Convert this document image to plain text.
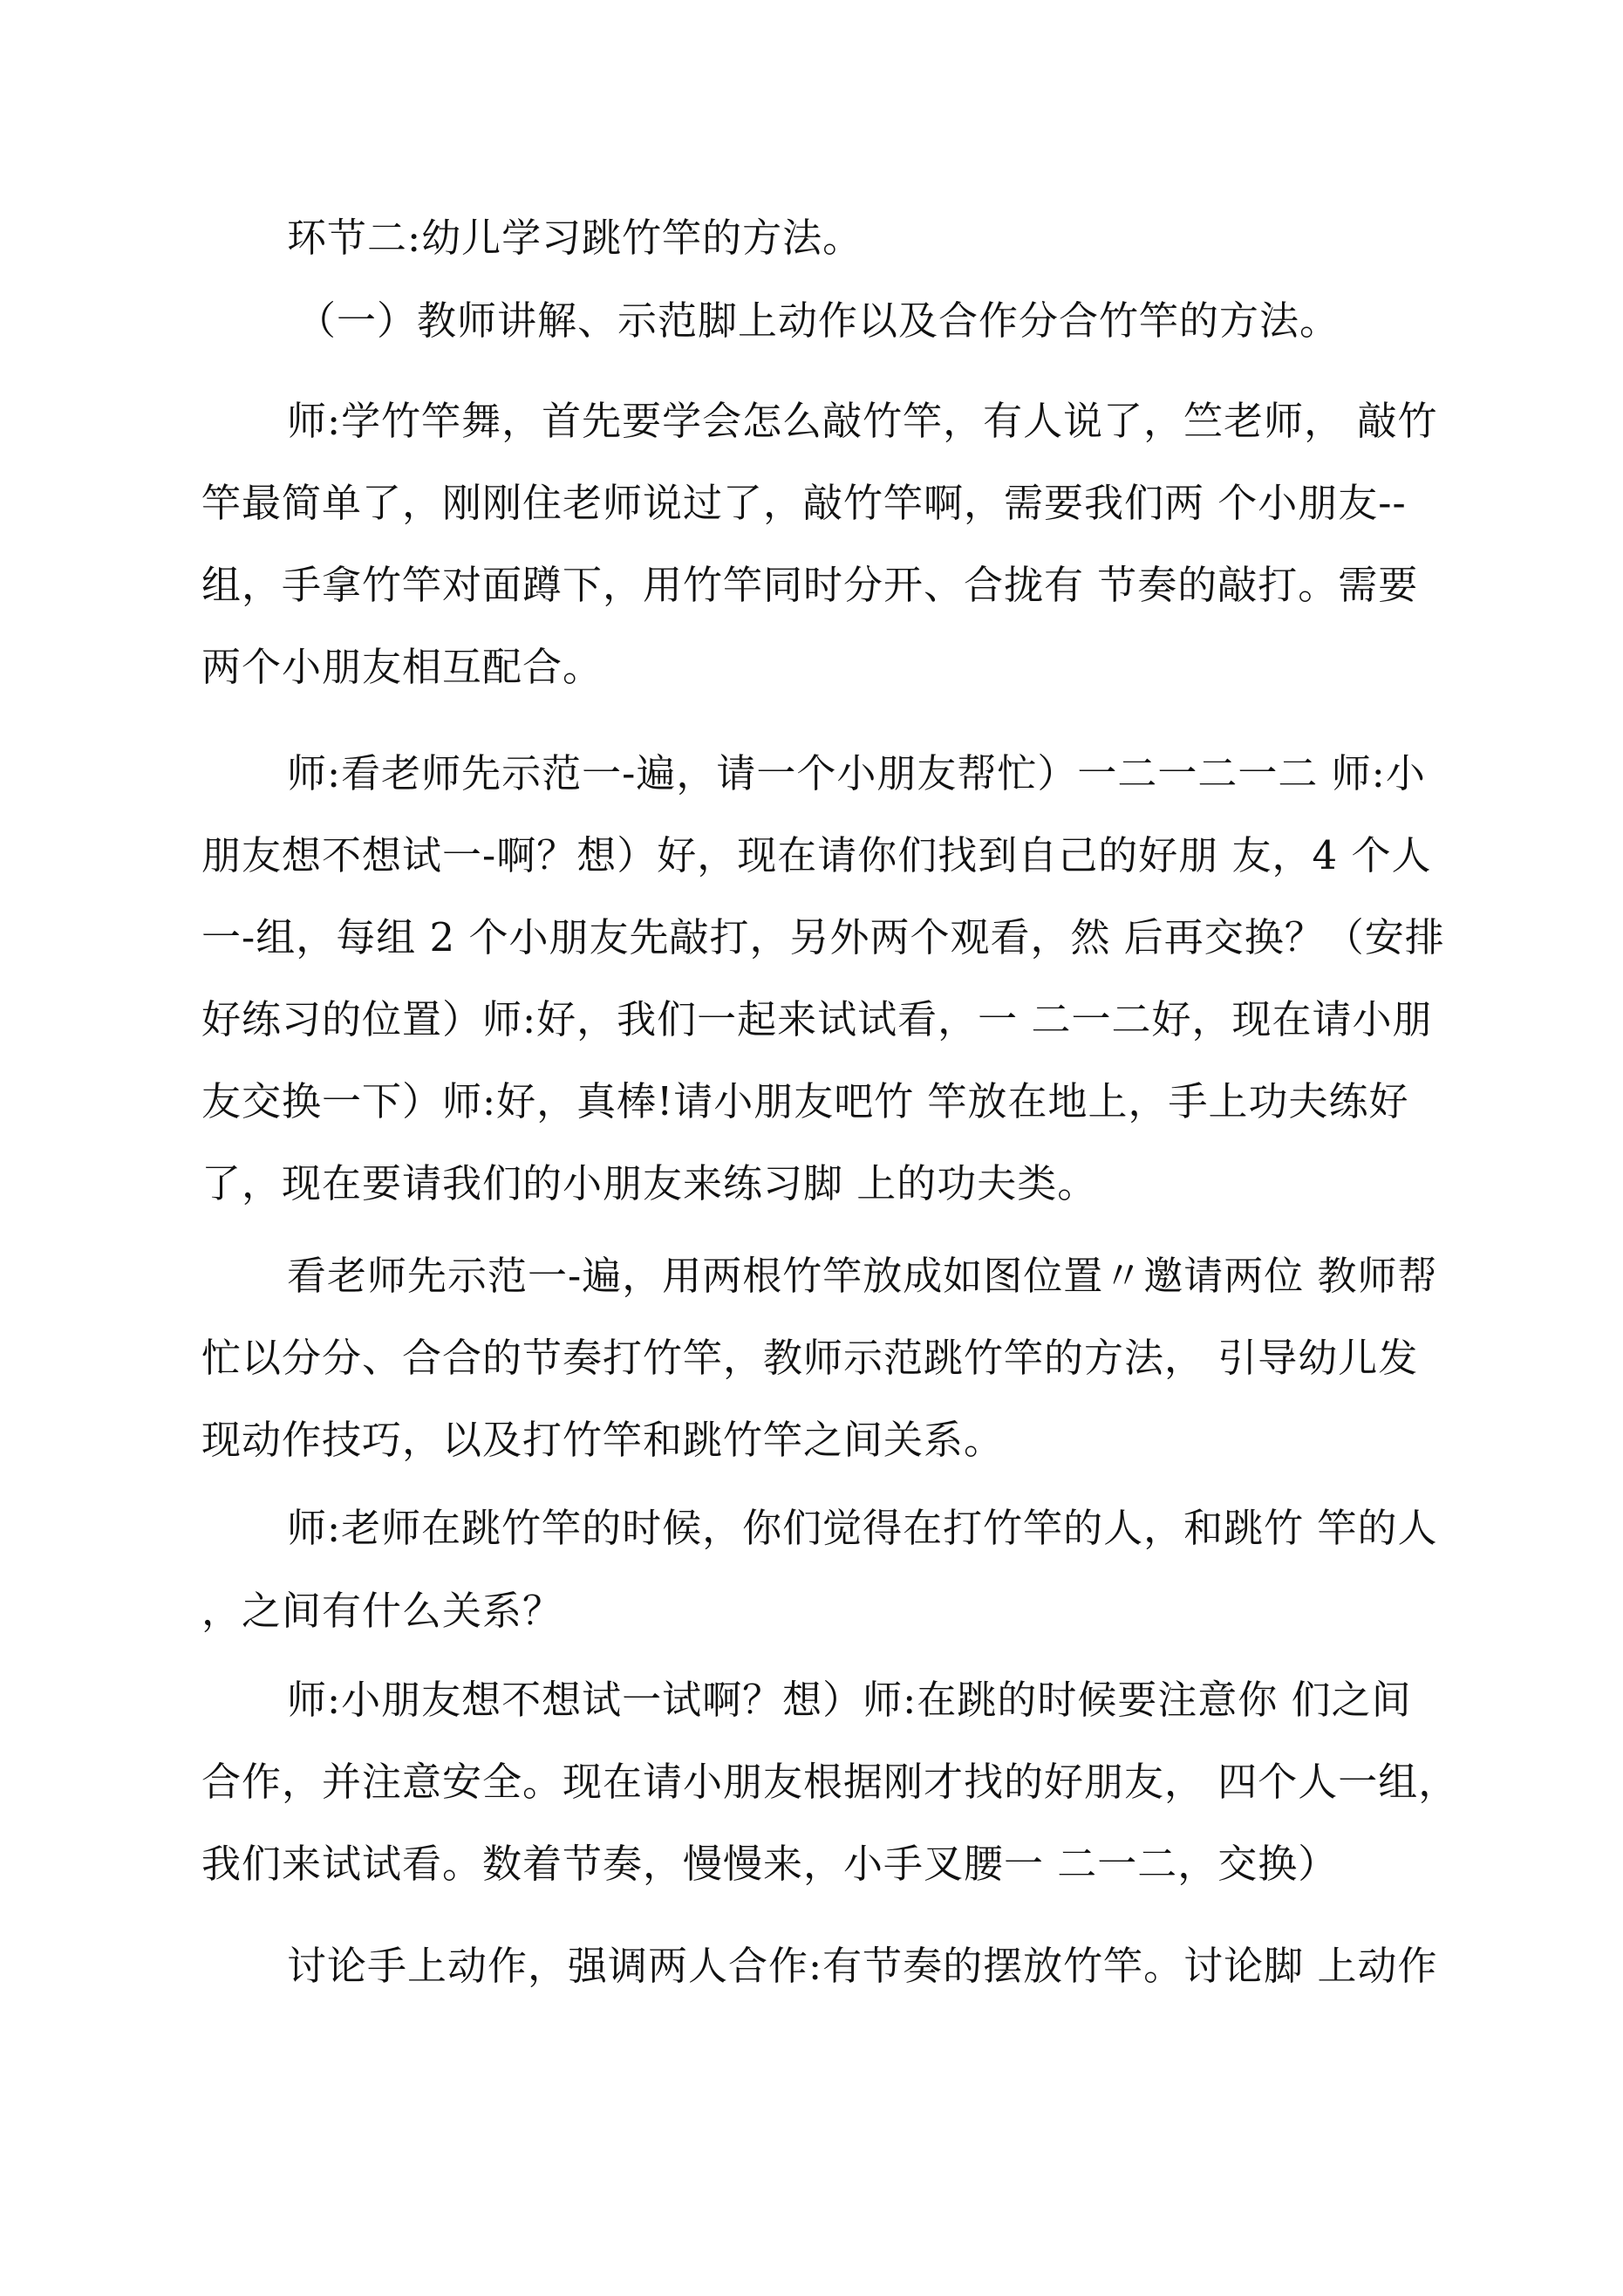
环节二:幼儿学习跳竹竿的方法。
（一）教师讲解、示范脚上动作以及合作分合竹竿的方法。
师:学竹竿舞，首先要学会怎么敲竹竿，有人说了，竺老师， 敲竹
竿最简单了，刚刚住老师说过了，敲竹竿啊，需要我们两 个小朋友--
组，手拿竹竿对面蹲下，用竹竿同时分开、合拢有 节奏的敲打。需要
两个小朋友相互配合。
师:看老师先示范一-遍，请一个小朋友帮忙）一二一二一二 师:小
朋友想不想试一-啊？想）好，现在请你们找到自己的好朋 友，4 个人
一-组，每组 2 个小朋友先敲打，另外两个观看，然 后再交换？（安排
好练习的位置）师:好，我们一起来试试看，一 二一二好，现在请小朋
友交换一下）师:好，真棒!请小朋友吧竹 竿放在地上，手上功夫练好
了，现在要请我们的小朋友来练习脚 上的功夫类。
看老师先示范一-遍，用两根竹竿放成如图位置〃邀请两位 教师帮
忙以分分、合合的节奏打竹竿，教师示范跳竹竿的方法， 引导幼儿发
现动作技巧，以及打竹竿和跳竹竿之间关系。
师:老师在跳竹竿的时候，你们觉得在打竹竿的人，和跳竹 竿的人
，之间有什么关系？
师:小朋友想不想试一试啊？想）师:在跳的时候要注意你 们之间
合作，并注意安全。现在请小朋友根据刚才找的好朋友， 四个人一组，
我们来试试看。数着节奏，慢慢来，小手叉腰一 二一二，交换）
讨论手上动作，强调两人合作:有节奏的摆放竹竿。讨论脚 上动作
